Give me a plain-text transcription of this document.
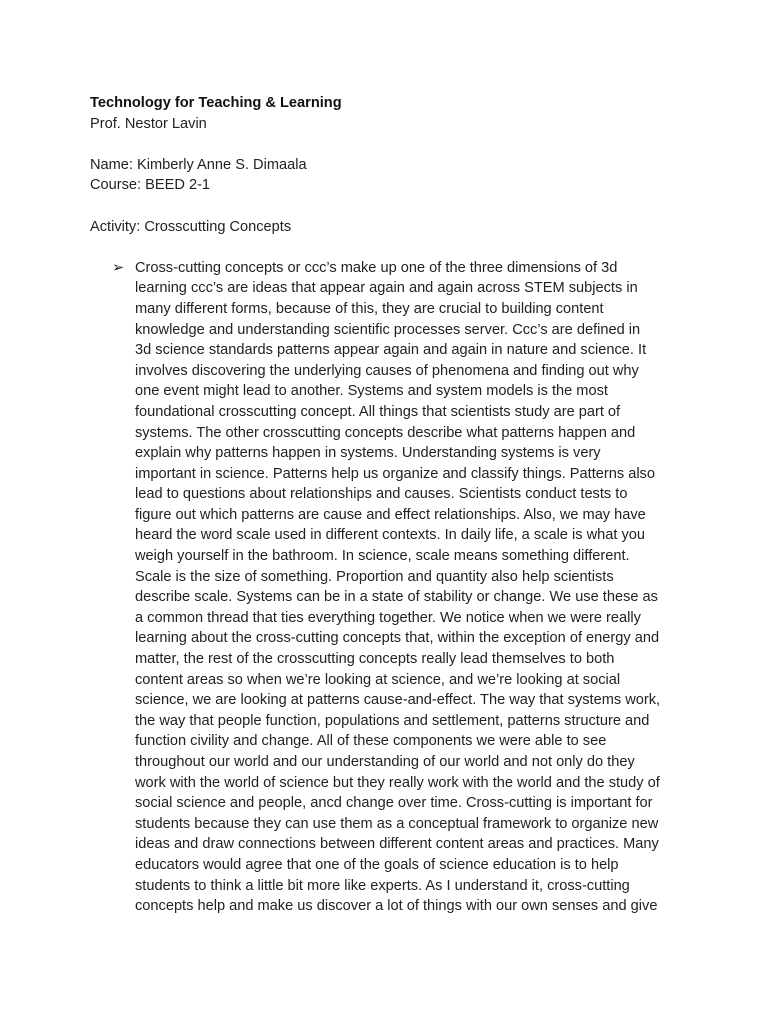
Technology for Teaching & Learning

Prof. Nestor Lavin

Name: Kimberly Anne S. Dimaala

Course: BEED 2-1

Activity: Crosscutting Concepts

➢ Cross-cutting concepts or ccc’s make up one of the three dimensions of 3d

learning ccc’s are ideas that appear again and again across STEM subjects in

many different forms, because of this, they are crucial to building content

knowledge and understanding scientific processes server. Ccc’s are defined in

3d science standards patterns appear again and again in nature and science. It

involves discovering the underlying causes of phenomena and finding out why

one event might lead to another. Systems and system models is the most

foundational crosscutting concept. All things that scientists study are part of

systems. The other crosscutting concepts describe what patterns happen and

explain why patterns happen in systems. Understanding systems is very

important in science. Patterns help us organize and classify things. Patterns also

lead to questions about relationships and causes. Scientists conduct tests to

figure out which patterns are cause and effect relationships. Also, we may have

heard the word scale used in different contexts. In daily life, a scale is what you

weigh yourself in the bathroom. In science, scale means something different.

Scale is the size of something. Proportion and quantity also help scientists

describe scale. Systems can be in a state of stability or change. We use these as

a common thread that ties everything together. We notice when we were really

learning about the cross-cutting concepts that, within the exception of energy and

matter, the rest of the crosscutting concepts really lead themselves to both

content areas so when we’re looking at science, and we’re looking at social

science, we are looking at patterns cause-and-effect. The way that systems work,

the way that people function, populations and settlement, patterns structure and

function civility and change. All of these components we were able to see

throughout our world and our understanding of our world and not only do they

work with the world of science but they really work with the world and the study of

social science and people, ancd change over time. Cross-cutting is important for

students because they can use them as a conceptual framework to organize new

ideas and draw connections between different content areas and practices. Many

educators would agree that one of the goals of science education is to help

students to think a little bit more like experts. As I understand it, cross-cutting

concepts help and make us discover a lot of things with our own senses and give
